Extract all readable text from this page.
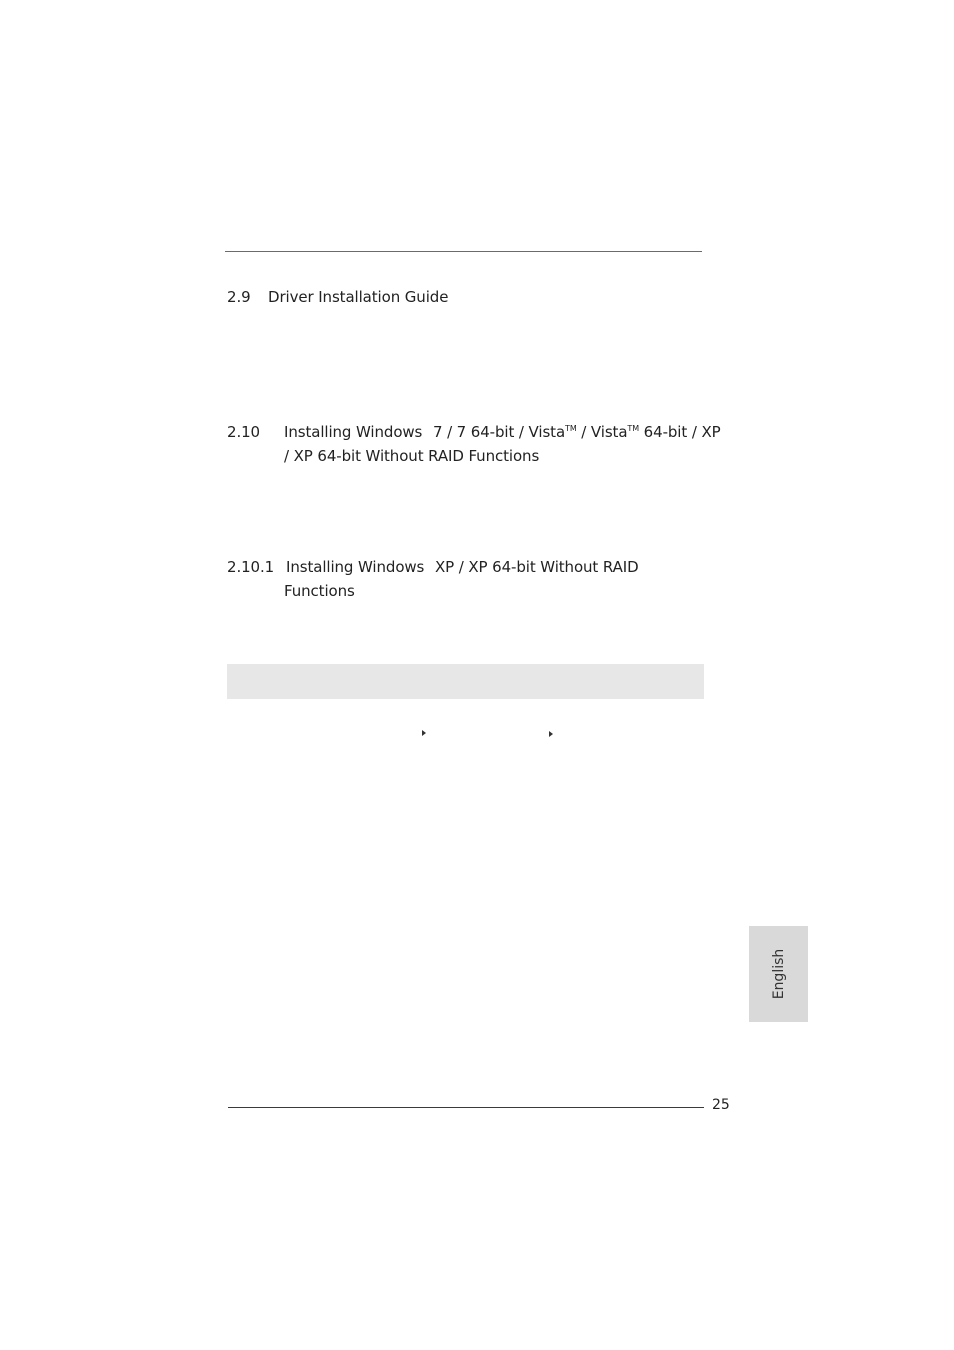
2.9 Driver Installation Guide
2.10 Installing Windows 7 / 7 64-bit / Vista™ / Vista™ 64-bit / XP
/ XP 64-bit Without RAID Functions
2.10.1 Installing Windows XP / XP 64-bit Without RAID
Functions
English
25
